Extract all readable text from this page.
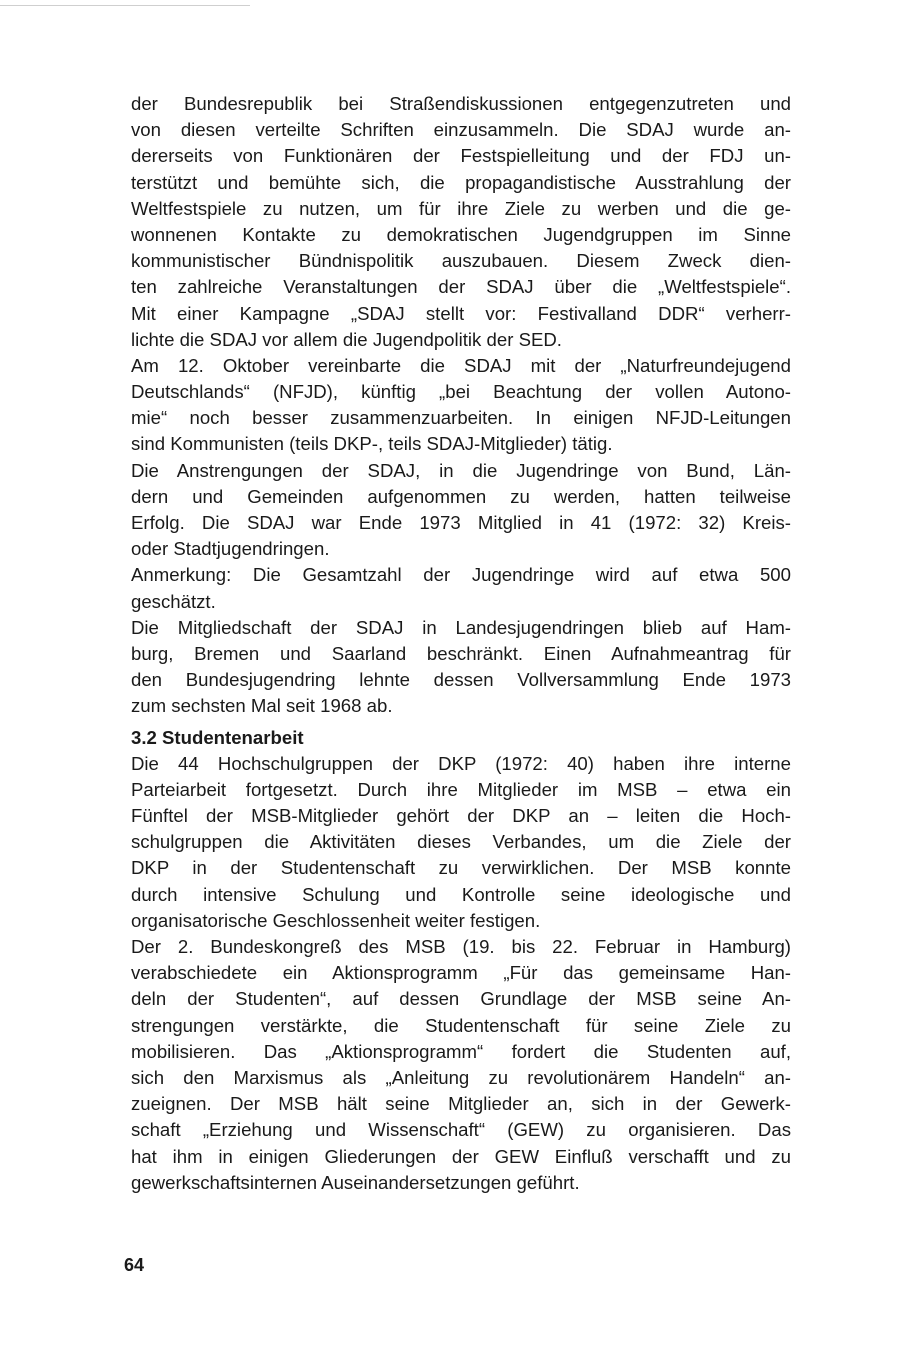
der Bundesrepublik bei Straßendiskussionen entgegenzutreten und
von diesen verteilte Schriften einzusammeln. Die SDAJ wurde an-
dererseits von Funktionären der Festspielleitung und der FDJ un-
terstützt und bemühte sich, die propagandistische Ausstrahlung der
Weltfestspiele zu nutzen, um für ihre Ziele zu werben und die ge-
wonnenen Kontakte zu demokratischen Jugendgruppen im Sinne
kommunistischer Bündnispolitik auszubauen. Diesem Zweck dien-
ten zahlreiche Veranstaltungen der SDAJ über die „Weltfestspiele“.
Mit einer Kampagne „SDAJ stellt vor: Festivalland DDR“ verherr-
lichte die SDAJ vor allem die Jugendpolitik der SED.
Am 12. Oktober vereinbarte die SDAJ mit der „Naturfreundejugend
Deutschlands“ (NFJD), künftig „bei Beachtung der vollen Autono-
mie“ noch besser zusammenzuarbeiten. In einigen NFJD-Leitungen
sind Kommunisten (teils DKP-, teils SDAJ-Mitglieder) tätig.
Die Anstrengungen der SDAJ, in die Jugendringe von Bund, Län-
dern und Gemeinden aufgenommen zu werden, hatten teilweise
Erfolg. Die SDAJ war Ende 1973 Mitglied in 41 (1972: 32) Kreis-
oder Stadtjugendringen.
Anmerkung: Die Gesamtzahl der Jugendringe wird auf etwa 500
geschätzt.
Die Mitgliedschaft der SDAJ in Landesjugendringen blieb auf Ham-
burg, Bremen und Saarland beschränkt. Einen Aufnahmeantrag für
den Bundesjugendring lehnte dessen Vollversammlung Ende 1973
zum sechsten Mal seit 1968 ab.
3.2 Studentenarbeit
Die 44 Hochschulgruppen der DKP (1972: 40) haben ihre interne
Parteiarbeit fortgesetzt. Durch ihre Mitglieder im MSB – etwa ein
Fünftel der MSB-Mitglieder gehört der DKP an – leiten die Hoch-
schulgruppen die Aktivitäten dieses Verbandes, um die Ziele der
DKP in der Studentenschaft zu verwirklichen. Der MSB konnte
durch intensive Schulung und Kontrolle seine ideologische und
organisatorische Geschlossenheit weiter festigen.
Der 2. Bundeskongreß des MSB (19. bis 22. Februar in Hamburg)
verabschiedete ein Aktionsprogramm „Für das gemeinsame Han-
deln der Studenten“, auf dessen Grundlage der MSB seine An-
strengungen verstärkte, die Studentenschaft für seine Ziele zu
mobilisieren. Das „Aktionsprogramm“ fordert die Studenten auf,
sich den Marxismus als „Anleitung zu revolutionärem Handeln“ an-
zueignen. Der MSB hält seine Mitglieder an, sich in der Gewerk-
schaft „Erziehung und Wissenschaft“ (GEW) zu organisieren. Das
hat ihm in einigen Gliederungen der GEW Einfluß verschafft und zu
gewerkschaftsinternen Auseinandersetzungen geführt.
64
